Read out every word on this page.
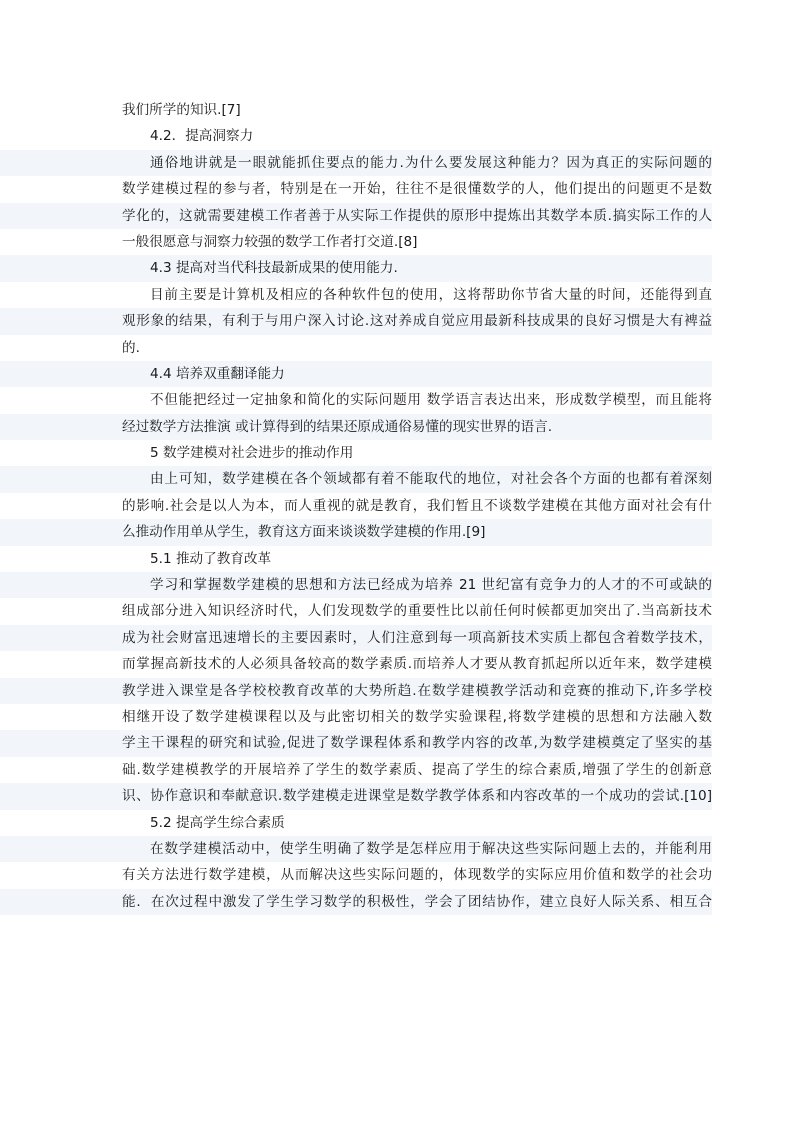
我们所学的知识.[7]
4.2．提高洞察力
通俗地讲就是一眼就能抓住要点的能力.为什么要发展这种能力？因为真正的实际问题的
数学建模过程的参与者，特别是在一开始，往往不是很懂数学的人，他们提出的问题更不是数
学化的，这就需要建模工作者善于从实际工作提供的原形中提炼出其数学本质.搞实际工作的人
一般很愿意与洞察力较强的数学工作者打交道.[8]
4.3 提高对当代科技最新成果的使用能力.
目前主要是计算机及相应的各种软件包的使用，这将帮助你节省大量的时间，还能得到直
观形象的结果，有利于与用户深入讨论.这对养成自觉应用最新科技成果的良好习惯是大有裨益
的.
4.4 培养双重翻译能力
不但能把经过一定抽象和简化的实际问题用 数学语言表达出来，形成数学模型，而且能将
经过数学方法推演 或计算得到的结果还原成通俗易懂的现实世界的语言.
5 数学建模对社会进步的推动作用
由上可知，数学建模在各个领域都有着不能取代的地位，对社会各个方面的也都有着深刻
的影响.社会是以人为本，而人重视的就是教育，我们暂且不谈数学建模在其他方面对社会有什
么推动作用单从学生，教育这方面来谈谈数学建模的作用.[9]
5.1 推动了教育改革
学习和掌握数学建模的思想和方法已经成为培养 21 世纪富有竞争力的人才的不可或缺的
组成部分进入知识经济时代，人们发现数学的重要性比以前任何时候都更加突出了.当高新技术
成为社会财富迅速增长的主要因素时，人们注意到每一项高新技术实质上都包含着数学技术，
而掌握高新技术的人必须具备较高的数学素质.而培养人才要从教育抓起所以近年来，数学建模
教学进入课堂是各学校校教育改革的大势所趋.在数学建模教学活动和竞赛的推动下,许多学校
相继开设了数学建模课程以及与此密切相关的数学实验课程,将数学建模的思想和方法融入数
学主干课程的研究和试验,促进了数学课程体系和教学内容的改革,为数学建模奠定了坚实的基
础.数学建模教学的开展培养了学生的数学素质、提高了学生的综合素质,增强了学生的创新意
识、协作意识和奉献意识.数学建模走进课堂是数学教学体系和内容改革的一个成功的尝试.[10]
5.2 提高学生综合素质
在数学建模活动中，使学生明确了数学是怎样应用于解决这些实际问题上去的，并能利用
有关方法进行数学建模，从而解决这些实际问题的，体现数学的实际应用价值和数学的社会功
能．在次过程中激发了学生学习数学的积极性，学会了团结协作，建立良好人际关系、相互合
